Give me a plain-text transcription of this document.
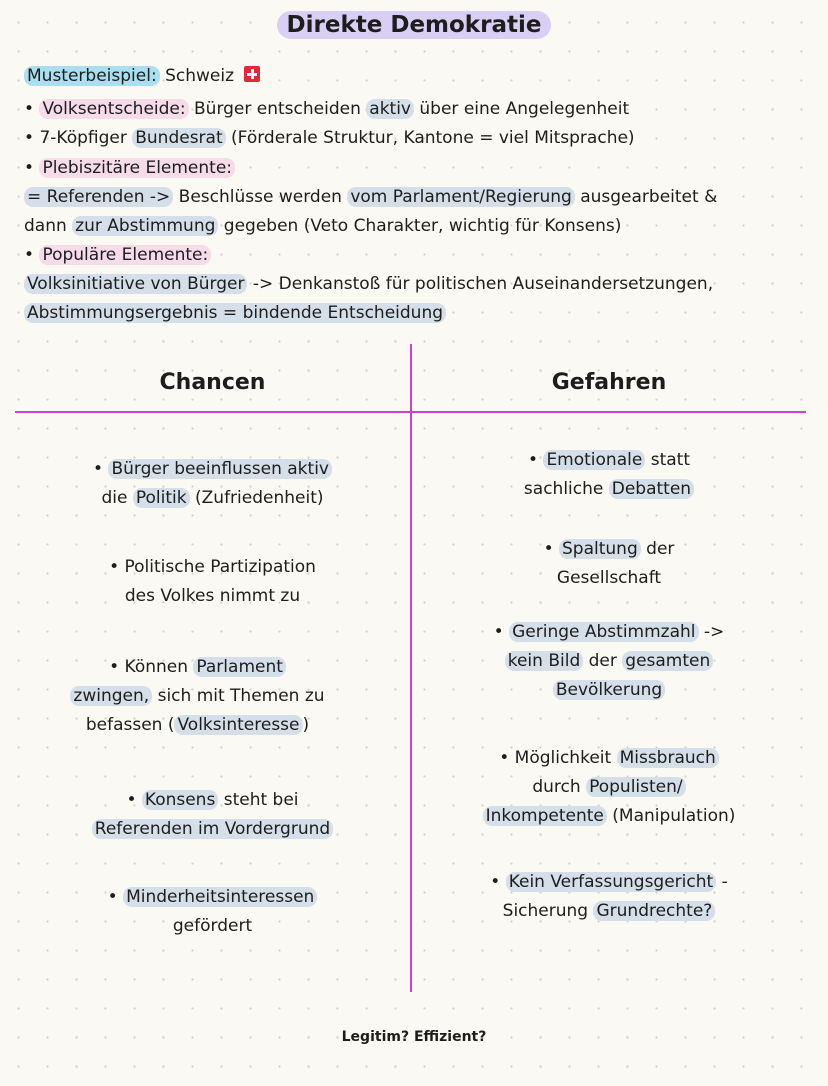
Direkte Demokratie
Musterbeispiel: Schweiz
• Volksentscheide: Bürger entscheiden aktiv über eine Angelegenheit
• 7-Köpfiger Bundesrat (Förderale Struktur, Kantone = viel Mitsprache)
• Plebiszitäre Elemente:
= Referenden -> Beschlüsse werden vom Parlament/Regierung ausgearbeitet &
dann zur Abstimmung gegeben (Veto Charakter, wichtig für Konsens)
• Populäre Elemente:
Volksinitiative von Bürger -> Denkanstoß für politischen Auseinandersetzungen,
Abstimmungsergebnis = bindende Entscheidung
Chancen	Gefahren
• Bürger beeinflussen aktiv
die Politik (Zufriedenheit)
• Politische Partizipation
des Volkes nimmt zu
• Können Parlament
zwingen, sich mit Themen zu
befassen ( Volksinteresse )
• Konsens steht bei
Referenden im Vordergrund
• Minderheitsinteressen
gefördert
• Emotionale statt
sachliche Debatten
• Spaltung der
Gesellschaft
• Geringe Abstimmzahl ->
kein Bild der gesamten
Bevölkerung
• Möglichkeit Missbrauch
durch Populisten/
Inkompetente (Manipulation)
• Kein Verfassungsgericht -
Sicherung Grundrechte?
Legitim? Effizient?
